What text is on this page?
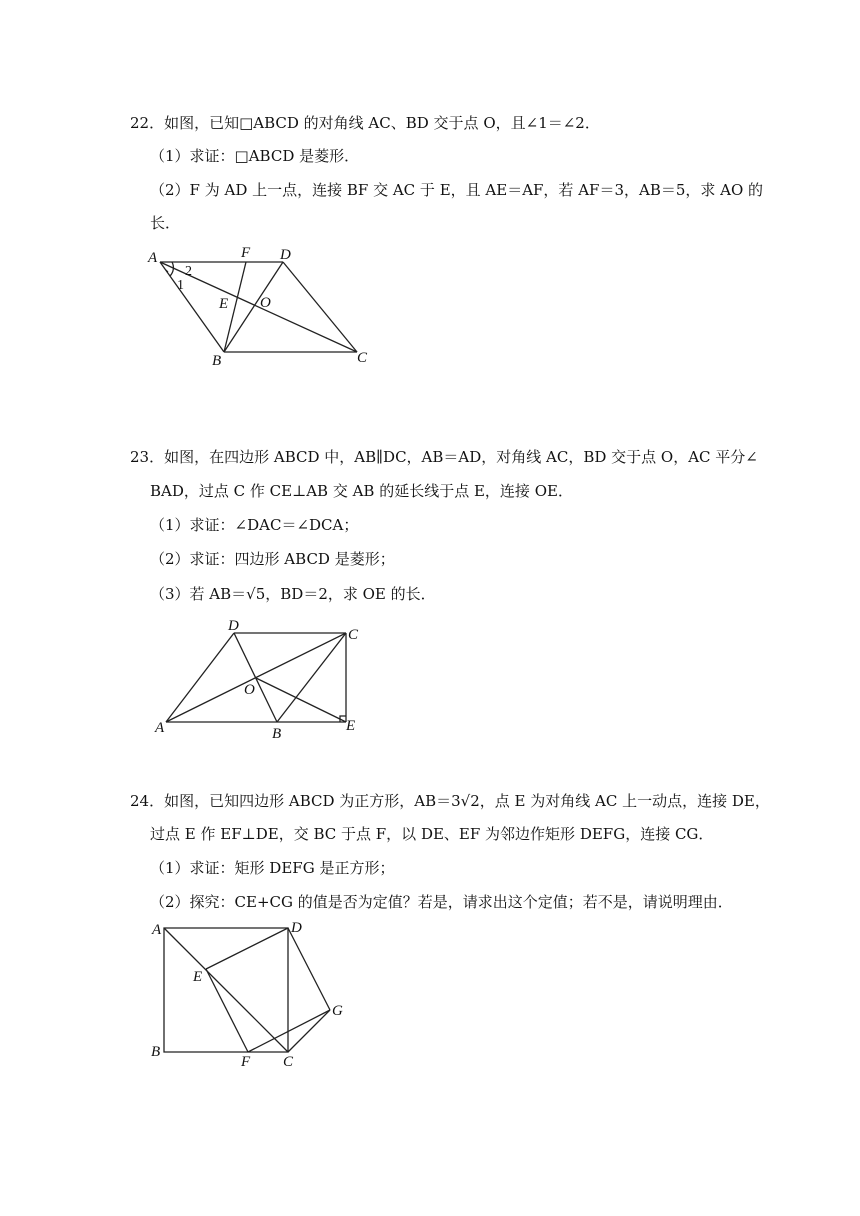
22．如图，已知□ABCD 的对角线 AC、BD 交于点 O，且∠1＝∠2．
（1）求证：□ABCD 是菱形．
（2）F 为 AD 上一点，连接 BF 交 AC 于 E，且 AE＝AF，若 AF＝3，AB＝5，求 AO 的
长．
A	F D
2
1
E O
B	C
23．如图，在四边形 ABCD 中，AB∥DC，AB＝AD，对角线 AC，BD 交于点 O，AC 平分∠
BAD，过点 C 作 CE⊥AB 交 AB 的延长线于点 E，连接 OE．
（1）求证：∠DAC＝∠DCA；
（2）求证：四边形 ABCD 是菱形；
（3）若 AB＝√5，BD＝2，求 OE 的长．
D
C
O
A	B	E
24．如图，已知四边形 ABCD 为正方形，AB＝3√2，点 E 为对角线 AC 上一动点，连接 DE，
过点 E 作 EF⊥DE，交 BC 于点 F，以 DE、EF 为邻边作矩形 DEFG，连接 CG．
（1）求证：矩形 DEFG 是正方形；
（2）探究：CE+CG 的值是否为定值？若是，请求出这个定值；若不是，请说明理由．
A	D
E
G
B
F C
